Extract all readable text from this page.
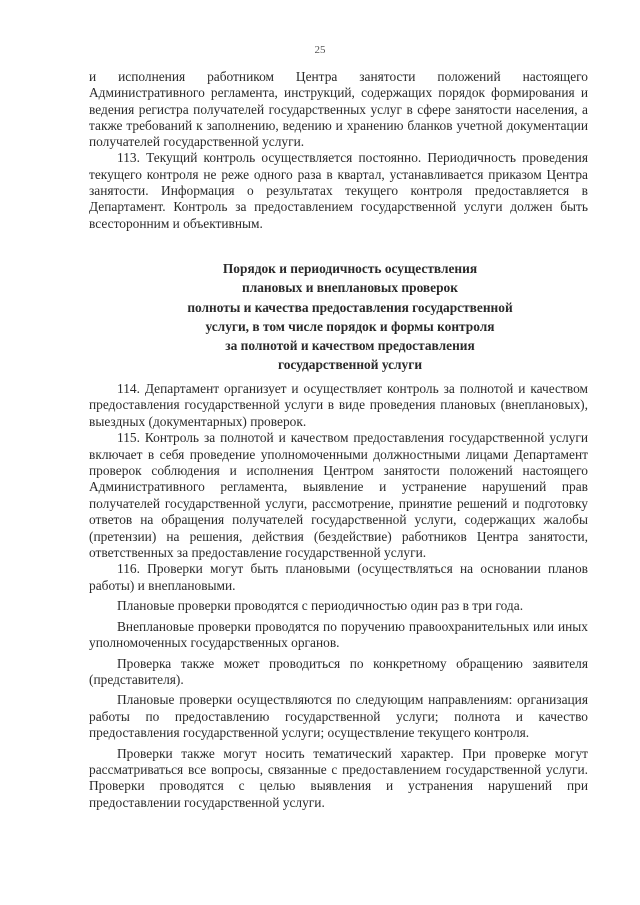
25

и исполнения работником Центра занятости положений настоящего Административного регламента, инструкций, содержащих порядок формирования и ведения регистра получателей государственных услуг в сфере занятости населения, а также требований к заполнению, ведению и хранению бланков учетной документации получателей государственной услуги.

113. Текущий контроль осуществляется постоянно. Периодичность проведения текущего контроля не реже одного раза в квартал, устанавливается приказом Центра занятости. Информация о результатах текущего контроля предоставляется в Департамент. Контроль за предоставлением государственной услуги должен быть всесторонним и объективным.

Порядок и периодичность осуществления
плановых и внеплановых проверок
полноты и качества предоставления государственной
услуги, в том числе порядок и формы контроля
за полнотой и качеством предоставления
государственной услуги

114. Департамент организует и осуществляет контроль за полнотой и качеством предоставления государственной услуги в виде проведения плановых (внеплановых), выездных (документарных) проверок.

115. Контроль за полнотой и качеством предоставления государственной услуги включает в себя проведение уполномоченными должностными лицами Департамент проверок соблюдения и исполнения Центром занятости положений настоящего Административного регламента, выявление и устранение нарушений прав получателей государственной услуги, рассмотрение, принятие решений и подготовку ответов на обращения получателей государственной услуги, содержащих жалобы (претензии) на решения, действия (бездействие) работников Центра занятости, ответственных за предоставление государственной услуги.

116. Проверки могут быть плановыми (осуществляться на основании планов работы) и внеплановыми.

Плановые проверки проводятся с периодичностью один раз в три года.

Внеплановые проверки проводятся по поручению правоохранительных или иных уполномоченных государственных органов.

Проверка также может проводиться по конкретному обращению заявителя (представителя).

Плановые проверки осуществляются по следующим направлениям: организация работы по предоставлению государственной услуги; полнота и качество предоставления государственной услуги; осуществление текущего контроля.

Проверки также могут носить тематический характер. При проверке могут рассматриваться все вопросы, связанные с предоставлением государственной услуги. Проверки проводятся с целью выявления и устранения нарушений при предоставлении государственной услуги.
